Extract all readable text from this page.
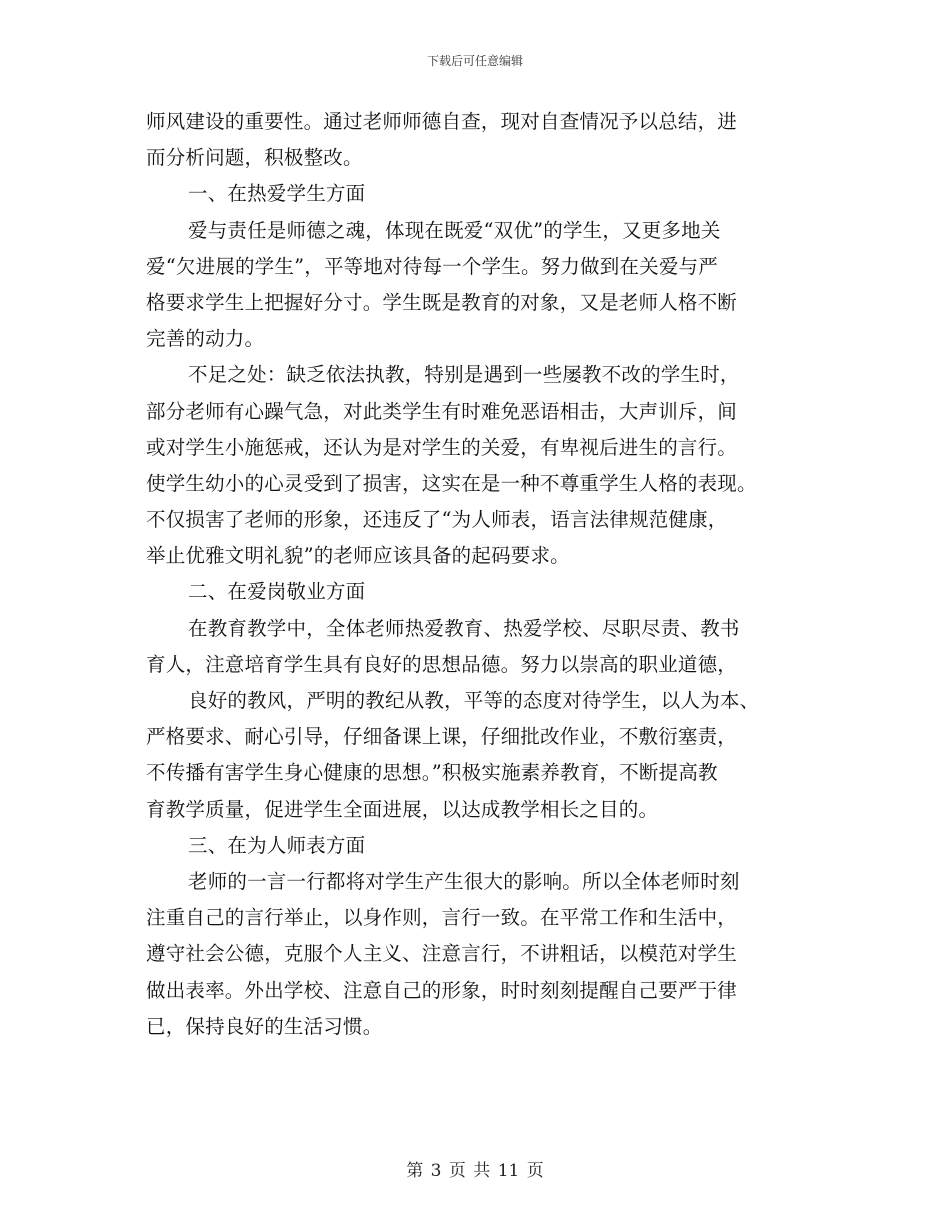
下载后可任意编辑
师风建设的重要性。通过老师师德自查，现对自查情况予以总结，进
而分析问题，积极整改。
一、在热爱学生方面
爱与责任是师德之魂，体现在既爱“双优”的学生，又更多地关
爱“欠进展的学生”，平等地对待每一个学生。努力做到在关爱与严
格要求学生上把握好分寸。学生既是教育的对象，又是老师人格不断
完善的动力。
不足之处：缺乏依法执教，特别是遇到一些屡教不改的学生时，
部分老师有心躁气急，对此类学生有时难免恶语相击，大声训斥，间
或对学生小施惩戒，还认为是对学生的关爱，有卑视后进生的言行。
使学生幼小的心灵受到了损害，这实在是一种不尊重学生人格的表现。
不仅损害了老师的形象，还违反了“为人师表，语言法律规范健康，
举止优雅文明礼貌”的老师应该具备的起码要求。
二、在爱岗敬业方面
在教育教学中，全体老师热爱教育、热爱学校、尽职尽责、教书
育人，注意培育学生具有良好的思想品德。努力以崇高的职业道德，
良好的教风，严明的教纪从教，平等的态度对待学生，以人为本、
严格要求、耐心引导，仔细备课上课，仔细批改作业，不敷衍塞责，
不传播有害学生身心健康的思想。”积极实施素养教育，不断提高教
育教学质量，促进学生全面进展，以达成教学相长之目的。
三、在为人师表方面
老师的一言一行都将对学生产生很大的影响。所以全体老师时刻
注重自己的言行举止，以身作则，言行一致。在平常工作和生活中，
遵守社会公德，克服个人主义、注意言行，不讲粗话，以模范对学生
做出表率。外出学校、注意自己的形象，时时刻刻提醒自己要严于律
已，保持良好的生活习惯。
第 3 页 共 11 页
